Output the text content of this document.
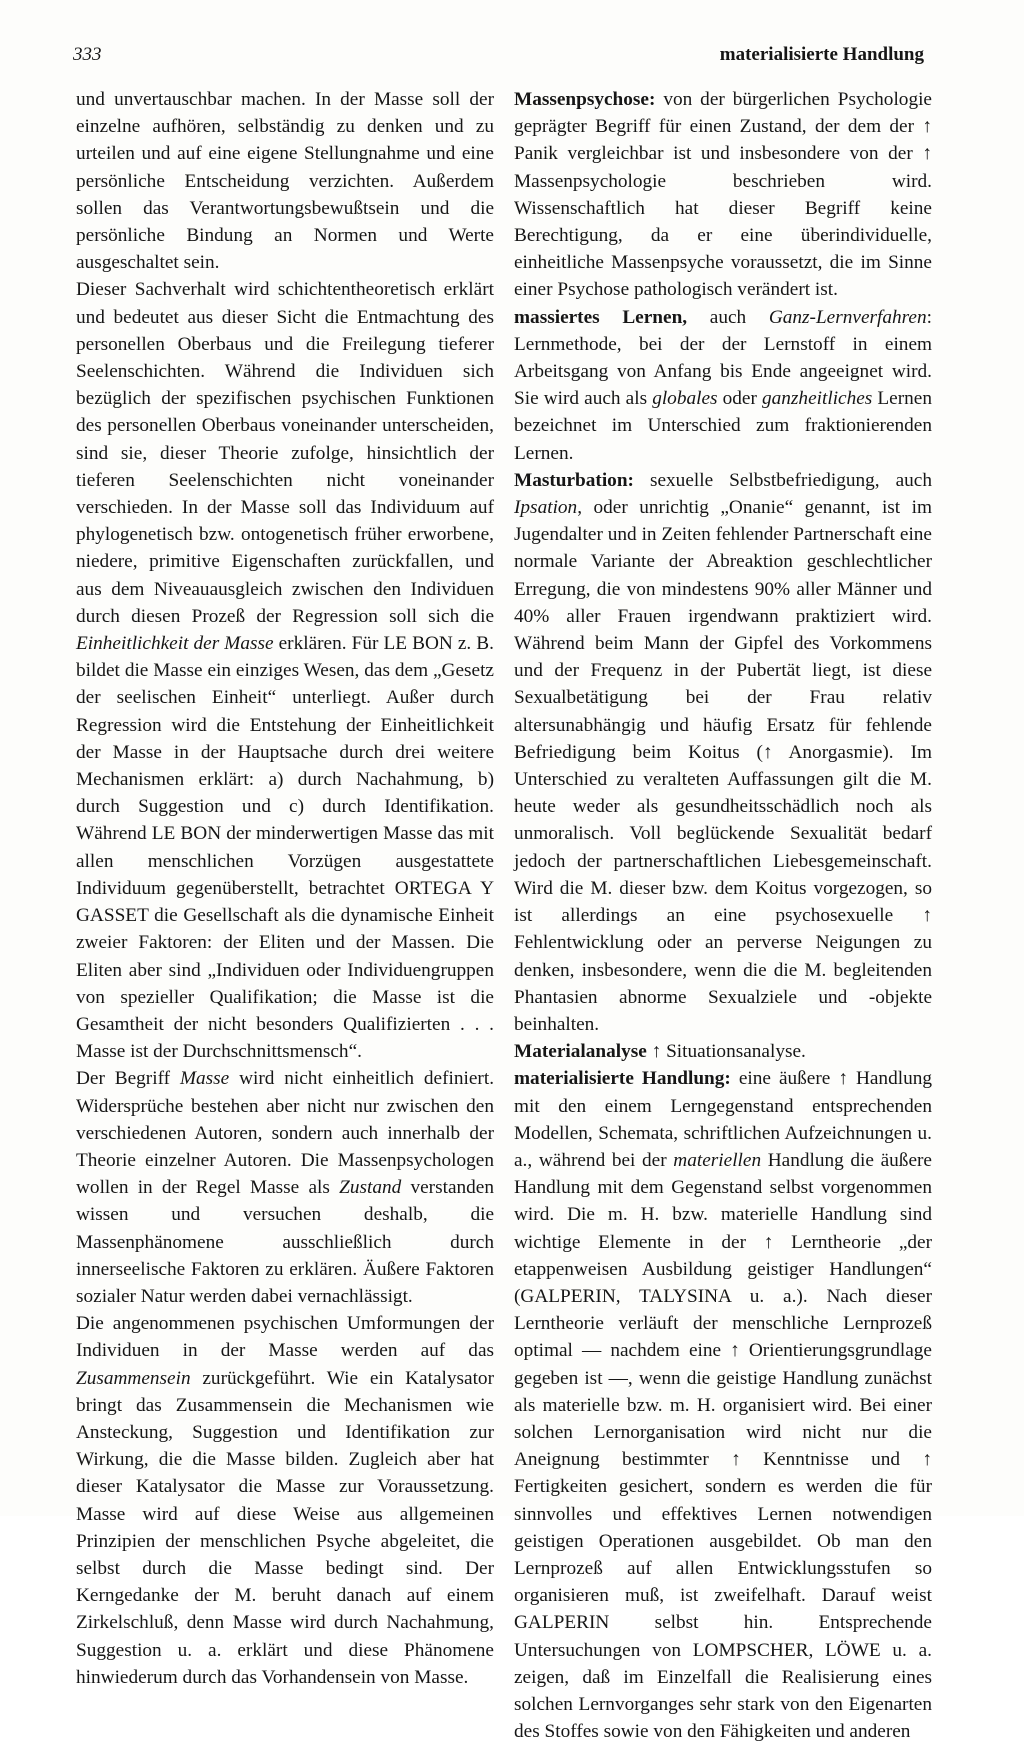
333	materialisierte Handlung

und unvertauschbar machen. In der Masse soll der einzelne aufhören, selbständig zu denken und zu urteilen und auf eine eigene Stellungnahme und eine persönliche Entscheidung verzichten. Außerdem sollen das Verantwortungsbewußtsein und die persönliche Bindung an Normen und Werte ausgeschaltet sein.

Dieser Sachverhalt wird schichtentheoretisch erklärt und bedeutet aus dieser Sicht die Entmachtung des personellen Oberbaus und die Freilegung tieferer Seelenschichten. Während die Individuen sich bezüglich der spezifischen psychischen Funktionen des personellen Oberbaus voneinander unterscheiden, sind sie, dieser Theorie zufolge, hinsichtlich der tieferen Seelenschichten nicht voneinander verschieden. In der Masse soll das Individuum auf phylogenetisch bzw. ontogenetisch früher erworbene, niedere, primitive Eigenschaften zurückfallen, und aus dem Niveauausgleich zwischen den Individuen durch diesen Prozeß der Regression soll sich die Einheitlichkeit der Masse erklären. Für LE BON z. B. bildet die Masse ein einziges Wesen, das dem „Gesetz der seelischen Einheit“ unterliegt. Außer durch Regression wird die Entstehung der Einheitlichkeit der Masse in der Hauptsache durch drei weitere Mechanismen erklärt: a) durch Nachahmung, b) durch Suggestion und c) durch Identifikation. Während LE BON der minderwertigen Masse das mit allen menschlichen Vorzügen ausgestattete Individuum gegenüberstellt, betrachtet ORTEGA Y GASSET die Gesellschaft als die dynamische Einheit zweier Faktoren: der Eliten und der Massen. Die Eliten aber sind „Individuen oder Individuengruppen von spezieller Qualifikation; die Masse ist die Gesamtheit der nicht besonders Qualifizierten . . . Masse ist der Durchschnittsmensch“.

Der Begriff Masse wird nicht einheitlich definiert. Widersprüche bestehen aber nicht nur zwischen den verschiedenen Autoren, sondern auch innerhalb der Theorie einzelner Autoren. Die Massenpsychologen wollen in der Regel Masse als Zustand verstanden wissen und versuchen deshalb, die Massenphänomene ausschließlich durch innerseelische Faktoren zu erklären. Äußere Faktoren sozialer Natur werden dabei vernachlässigt.

Die angenommenen psychischen Umformungen der Individuen in der Masse werden auf das Zusammensein zurückgeführt. Wie ein Katalysator bringt das Zusammensein die Mechanismen wie Ansteckung, Suggestion und Identifikation zur Wirkung, die die Masse bilden. Zugleich aber hat dieser Katalysator die Masse zur Voraussetzung. Masse wird auf diese Weise aus allgemeinen Prinzipien der menschlichen Psyche abgeleitet, die selbst durch die Masse bedingt sind. Der Kerngedanke der M. beruht danach auf einem Zirkelschluß, denn Masse wird durch Nachahmung, Suggestion u. a. erklärt und diese Phänomene hinwiederum durch das Vorhandensein von Masse.

Massenpsychose: von der bürgerlichen Psychologie geprägter Begriff für einen Zustand, der dem der ↑ Panik vergleichbar ist und insbesondere von der ↑ Massenpsychologie beschrieben wird. Wissenschaftlich hat dieser Begriff keine Berechtigung, da er eine überindividuelle, einheitliche Massenpsyche voraussetzt, die im Sinne einer Psychose pathologisch verändert ist.

massiertes Lernen, auch Ganz-Lernverfahren: Lernmethode, bei der der Lernstoff in einem Arbeitsgang von Anfang bis Ende angeeignet wird. Sie wird auch als globales oder ganzheitliches Lernen bezeichnet im Unterschied zum fraktionierenden Lernen.

Masturbation: sexuelle Selbstbefriedigung, auch Ipsation, oder unrichtig „Onanie“ genannt, ist im Jugendalter und in Zeiten fehlender Partnerschaft eine normale Variante der Abreaktion geschlechtlicher Erregung, die von mindestens 90% aller Männer und 40% aller Frauen irgendwann praktiziert wird. Während beim Mann der Gipfel des Vorkommens und der Frequenz in der Pubertät liegt, ist diese Sexualbetätigung bei der Frau relativ altersunabhängig und häufig Ersatz für fehlende Befriedigung beim Koitus (↑ Anorgasmie). Im Unterschied zu veralteten Auffassungen gilt die M. heute weder als gesundheitsschädlich noch als unmoralisch. Voll beglückende Sexualität bedarf jedoch der partnerschaftlichen Liebesgemeinschaft. Wird die M. dieser bzw. dem Koitus vorgezogen, so ist allerdings an eine psychosexuelle ↑ Fehlentwicklung oder an perverse Neigungen zu denken, insbesondere, wenn die die M. begleitenden Phantasien abnorme Sexualziele und -objekte beinhalten.

Materialanalyse ↑ Situationsanalyse.

materialisierte Handlung: eine äußere ↑ Handlung mit den einem Lerngegenstand entsprechenden Modellen, Schemata, schriftlichen Aufzeichnungen u. a., während bei der materiellen Handlung die äußere Handlung mit dem Gegenstand selbst vorgenommen wird. Die m. H. bzw. materielle Handlung sind wichtige Elemente in der ↑ Lerntheorie „der etappenweisen Ausbildung geistiger Handlungen“ (GALPERIN, TALYSINA u. a.). Nach dieser Lerntheorie verläuft der menschliche Lernprozeß optimal — nachdem eine ↑ Orientierungsgrundlage gegeben ist —, wenn die geistige Handlung zunächst als materielle bzw. m. H. organisiert wird. Bei einer solchen Lernorganisation wird nicht nur die Aneignung bestimmter ↑ Kenntnisse und ↑ Fertigkeiten gesichert, sondern es werden die für sinnvolles und effektives Lernen notwendigen geistigen Operationen ausgebildet. Ob man den Lernprozeß auf allen Entwicklungsstufen so organisieren muß, ist zweifelhaft. Darauf weist GALPERIN selbst hin. Entsprechende Untersuchungen von LOMPSCHER, LÖWE u. a. zeigen, daß im Einzelfall die Realisierung eines solchen Lernvorganges sehr stark von den Eigenarten des Stoffes sowie von den Fähigkeiten und anderen
